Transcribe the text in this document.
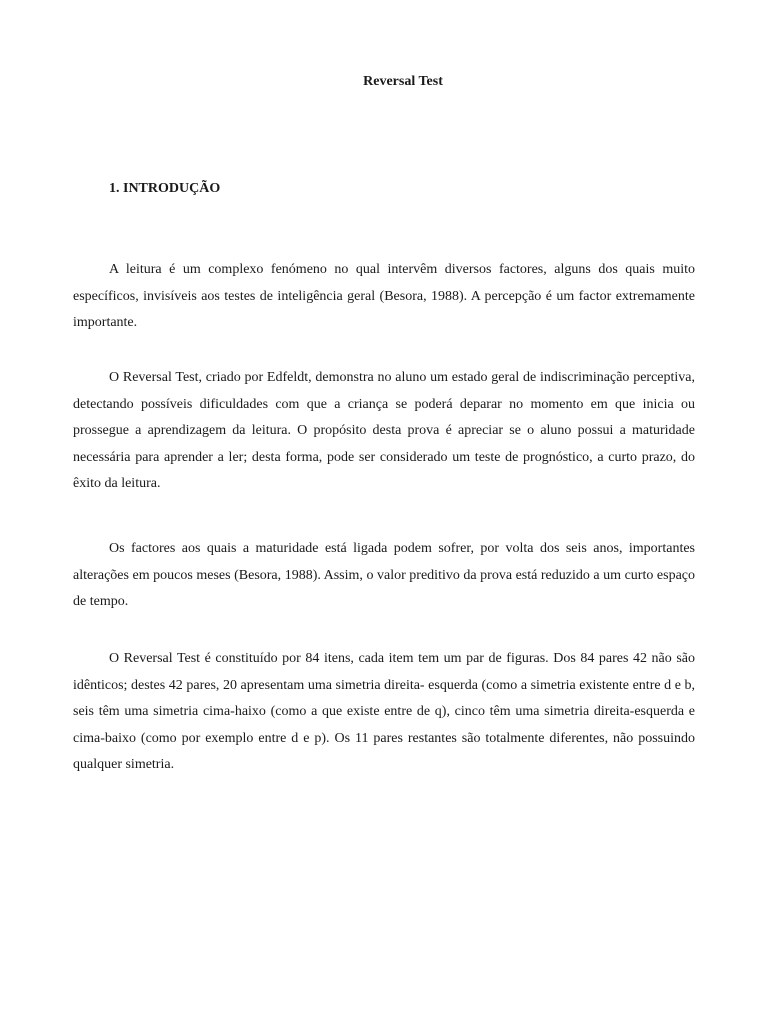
Reversal Test
1. INTRODUÇÃO

A leitura é um complexo fenómeno no qual intervêm diversos factores, alguns dos quais muito específicos, invisíveis aos testes de inteligência geral (Besora, 1988). A percepção é um factor extremamente importante.

O Reversal Test, criado por Edfeldt, demonstra no aluno um estado geral de indiscriminação perceptiva, detectando possíveis dificuldades com que a criança se poderá deparar no momento em que inicia ou prossegue a aprendizagem da leitura. O propósito desta prova é apreciar se o aluno possui a maturidade necessária para aprender a ler; desta forma, pode ser considerado um teste de prognóstico, a curto prazo, do êxito da leitura.

Os factores aos quais a maturidade está ligada podem sofrer, por volta dos seis anos, importantes alterações em poucos meses (Besora, 1988). Assim, o valor preditivo da prova está reduzido a um curto espaço de tempo.

O Reversal Test é constituído por 84 itens, cada item tem um par de figuras. Dos 84 pares 42 não são idênticos; destes 42 pares, 20 apresentam uma simetria direita- esquerda (como a simetria existente entre d e b, seis têm uma simetria cima-haixo (como a que existe entre de q), cinco têm uma simetria direita-esquerda e cima-baixo (como por exemplo entre d e p). Os 11 pares restantes são totalmente diferentes, não possuindo qualquer simetria.
